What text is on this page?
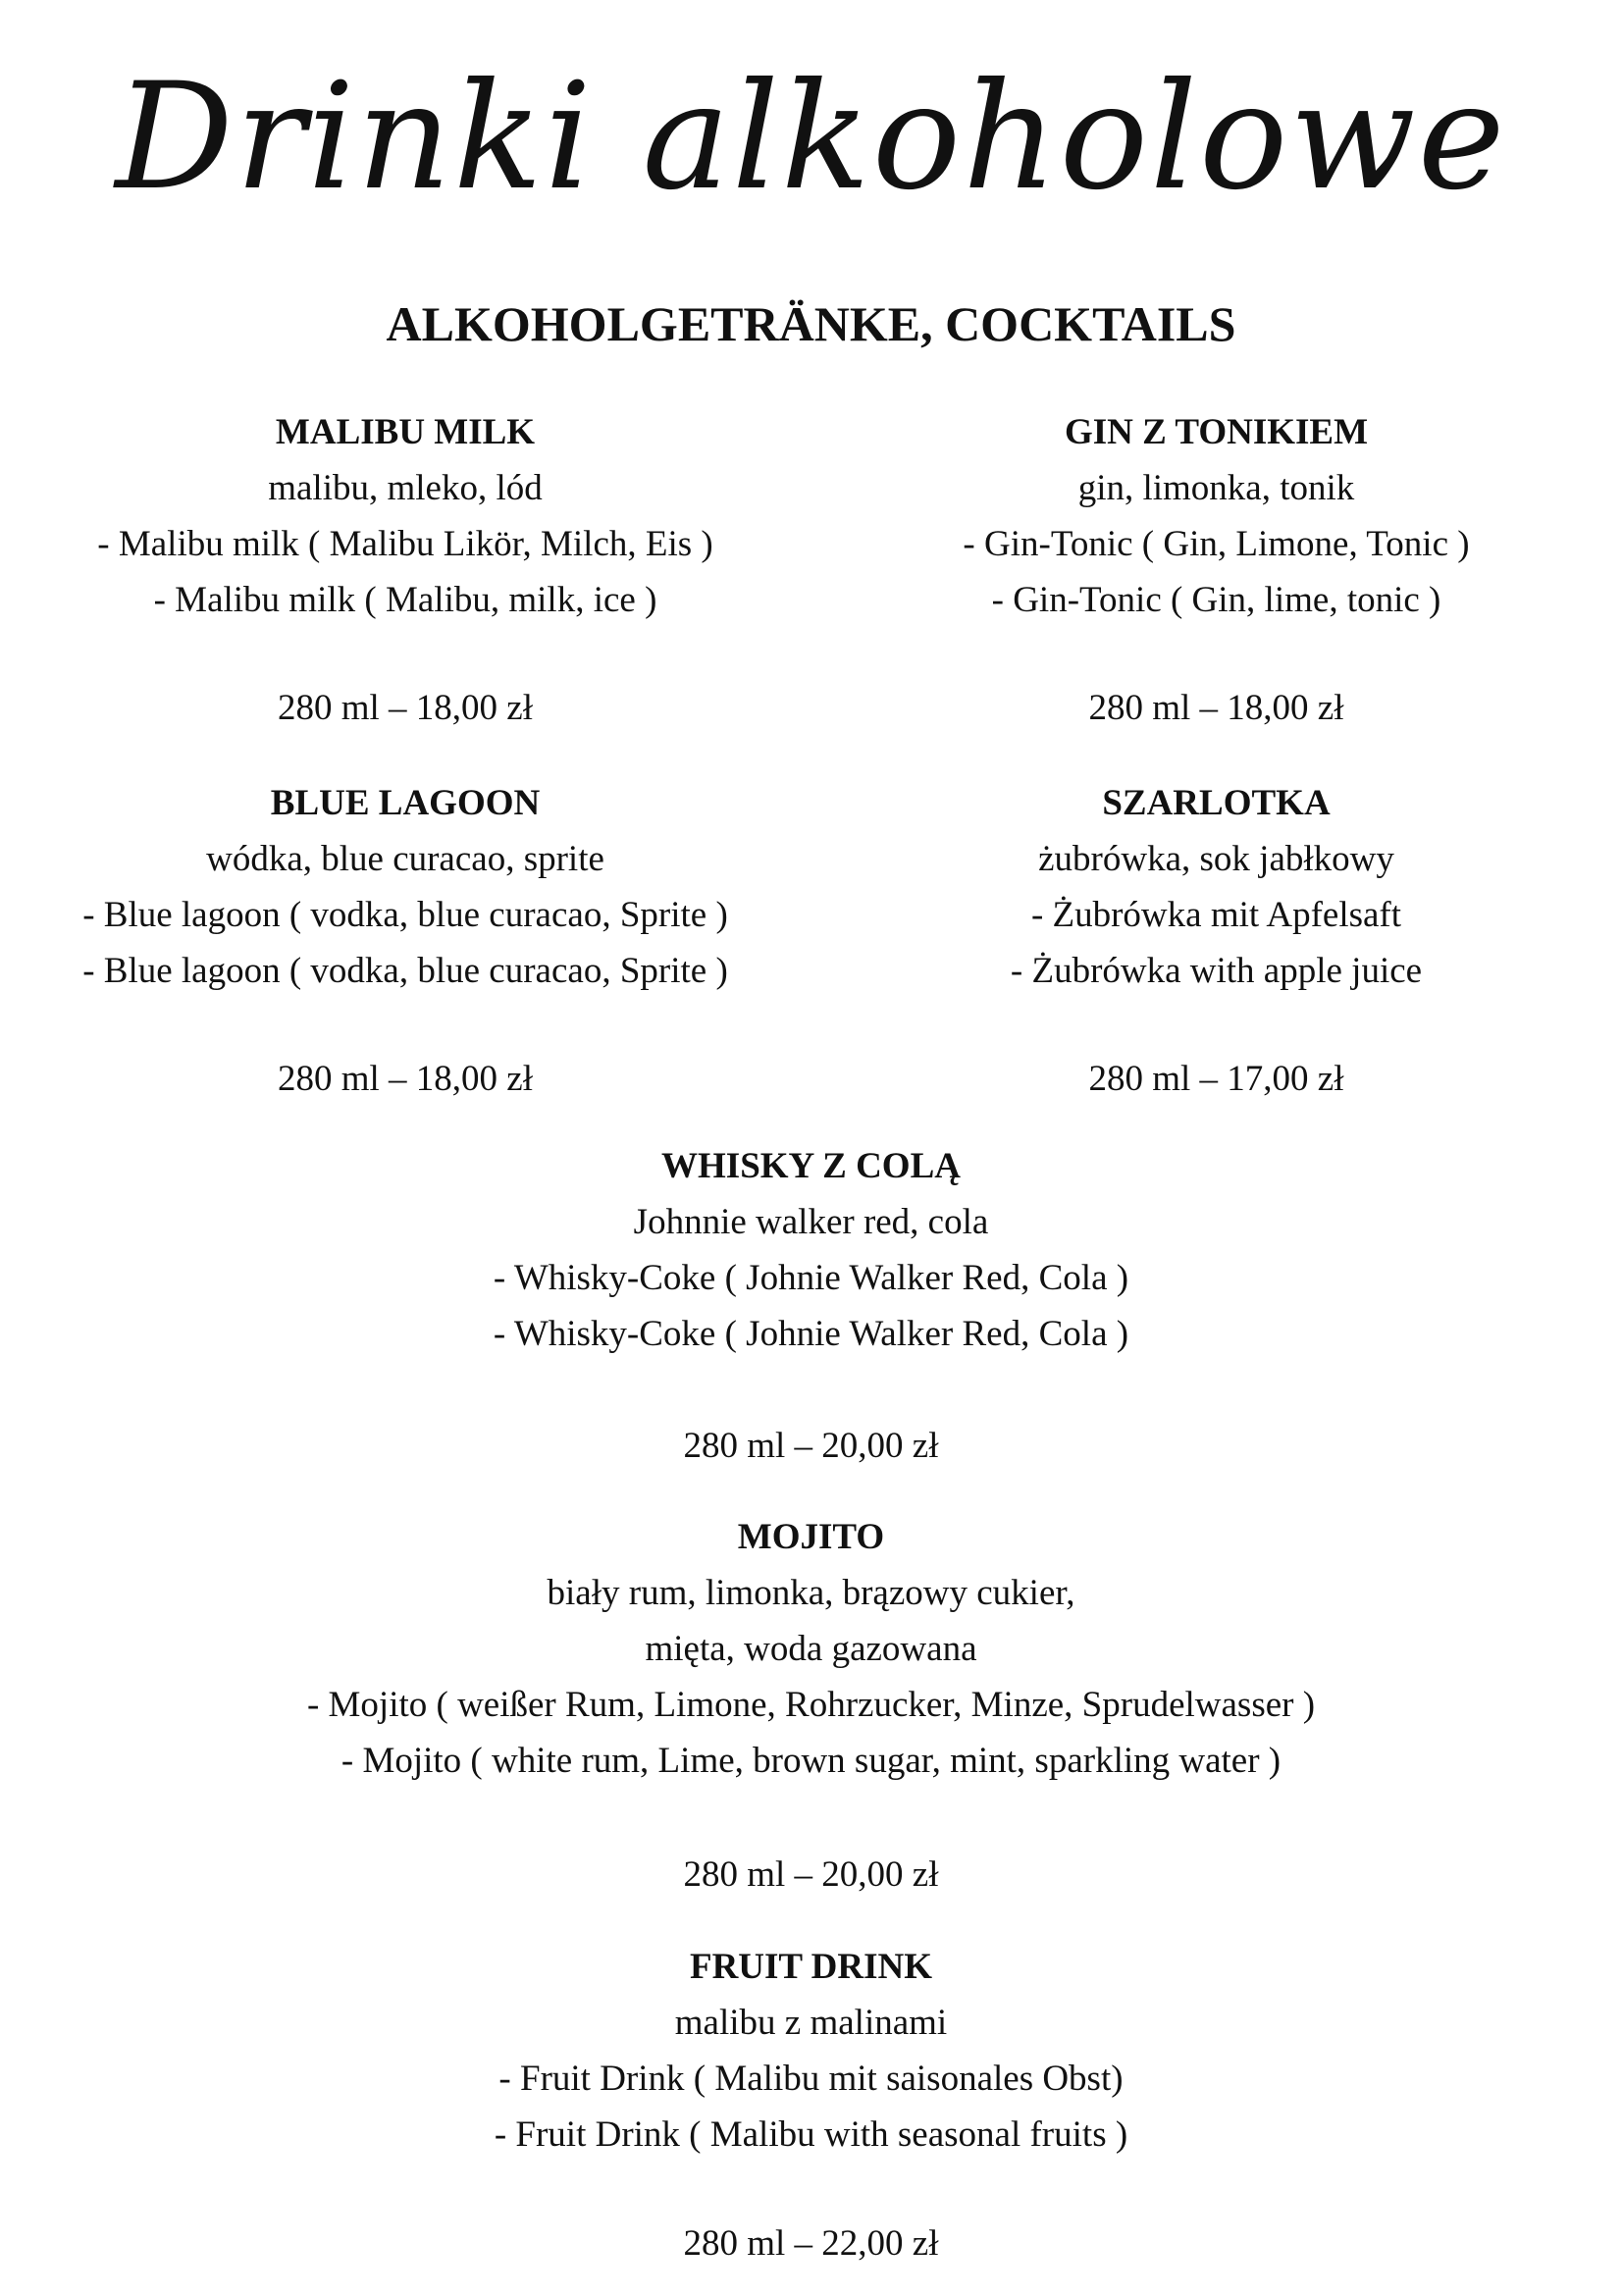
Drinki alkoholowe
ALKOHOLGETRÄNKE, COCKTAILS

MALIBU MILK

malibu, mleko, lód

- Malibu milk ( Malibu Likör, Milch, Eis )

- Malibu milk ( Malibu, milk, ice )

280 ml – 18,00 zł

GIN Z TONIKIEM

gin, limonka, tonik

- Gin-Tonic ( Gin, Limone, Tonic )

- Gin-Tonic ( Gin, lime, tonic )

280 ml – 18,00 zł

BLUE LAGOON

wódka, blue curacao, sprite

- Blue lagoon ( vodka, blue curacao, Sprite )

- Blue lagoon ( vodka, blue curacao, Sprite )

280 ml – 18,00 zł

SZARLOTKA

żubrówka, sok jabłkowy

- Żubrówka mit Apfelsaft

- Żubrówka with apple juice

280 ml – 17,00 zł

WHISKY Z COLĄ

Johnnie walker red, cola

- Whisky-Coke ( Johnie Walker Red, Cola )

- Whisky-Coke ( Johnie Walker Red, Cola )

280 ml – 20,00 zł

MOJITO

biały rum, limonka, brązowy cukier,

mięta, woda gazowana

- Mojito ( weißer Rum, Limone, Rohrzucker, Minze, Sprudelwasser )

- Mojito ( white rum, Lime, brown sugar, mint, sparkling water )

280 ml – 20,00 zł

FRUIT DRINK

malibu z malinami

- Fruit Drink ( Malibu mit saisonales Obst)

- Fruit Drink ( Malibu with seasonal fruits )

280 ml – 22,00 zł
